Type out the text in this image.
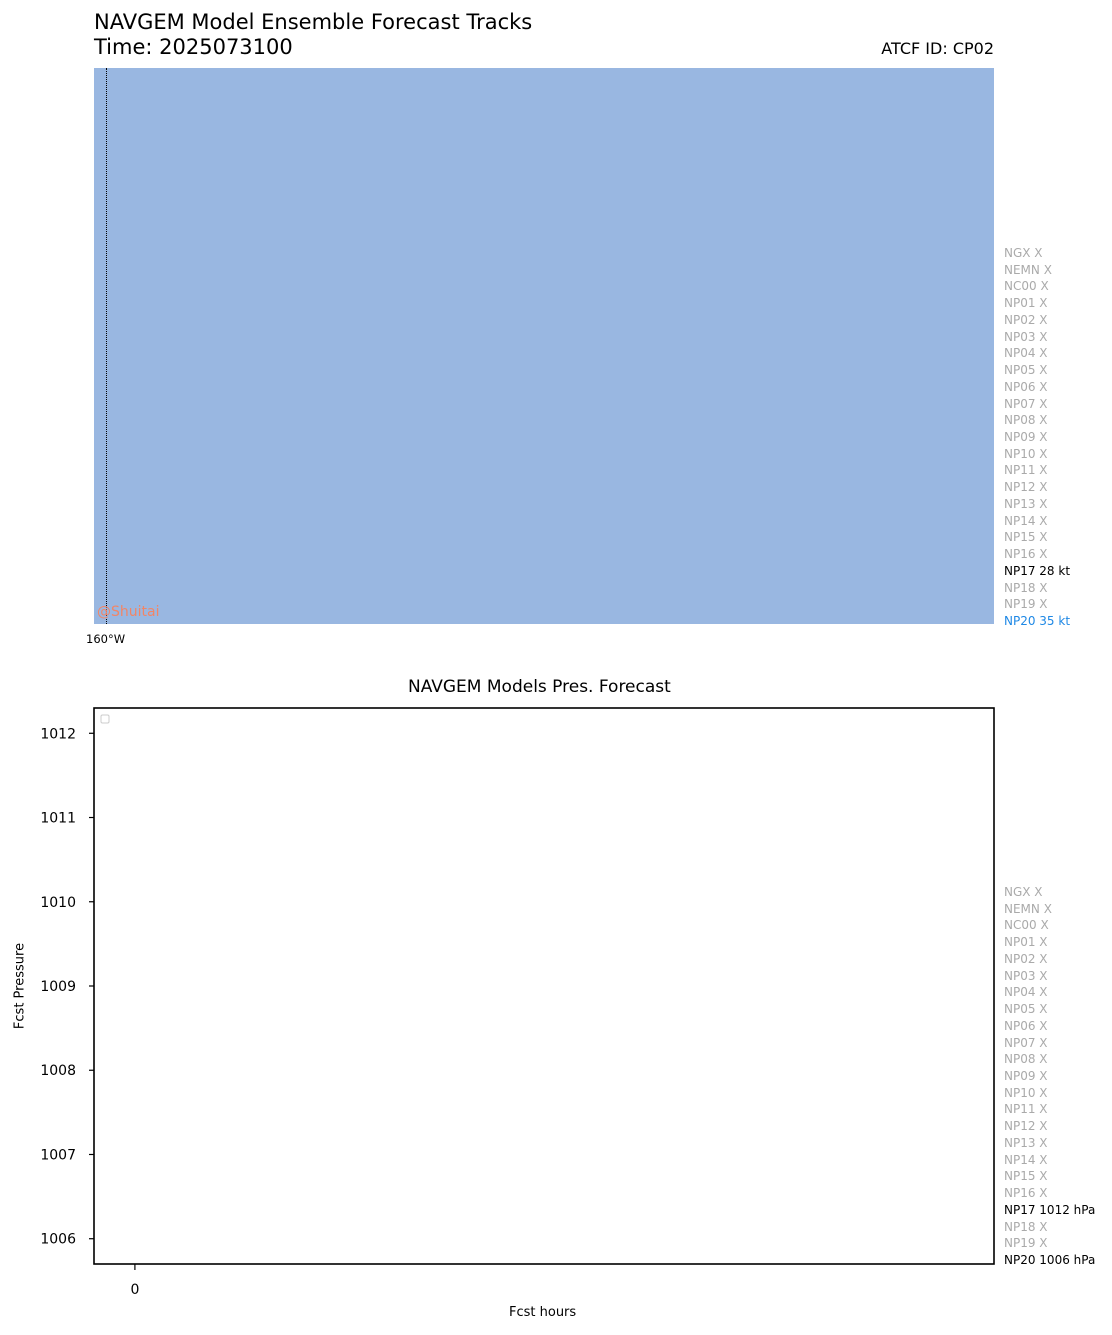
NAVGEM Model Ensemble Forecast Tracks
Time: 2025073100	ATCF ID: CP02
@Shuitai
160°W
NGX X
NEMN X
NC00 X
NP01 X
NP02 X
NP03 X
NP04 X
NP05 X
NP06 X
NP07 X
NP08 X
NP09 X
NP10 X
NP11 X
NP12 X
NP13 X
NP14 X
NP15 X
NP16 X
NP17 28 kt
NP18 X
NP19 X
NP20 35 kt
NAVGEM Models Pres. Forecast
1006
1007
1008
1009
1010
1011
1012
0
Fcst Pressure
Fcst hours
NGX X
NEMN X
NC00 X
NP01 X
NP02 X
NP03 X
NP04 X
NP05 X
NP06 X
NP07 X
NP08 X
NP09 X
NP10 X
NP11 X
NP12 X
NP13 X
NP14 X
NP15 X
NP16 X
NP17 1012 hPa
NP18 X
NP19 X
NP20 1006 hPa
